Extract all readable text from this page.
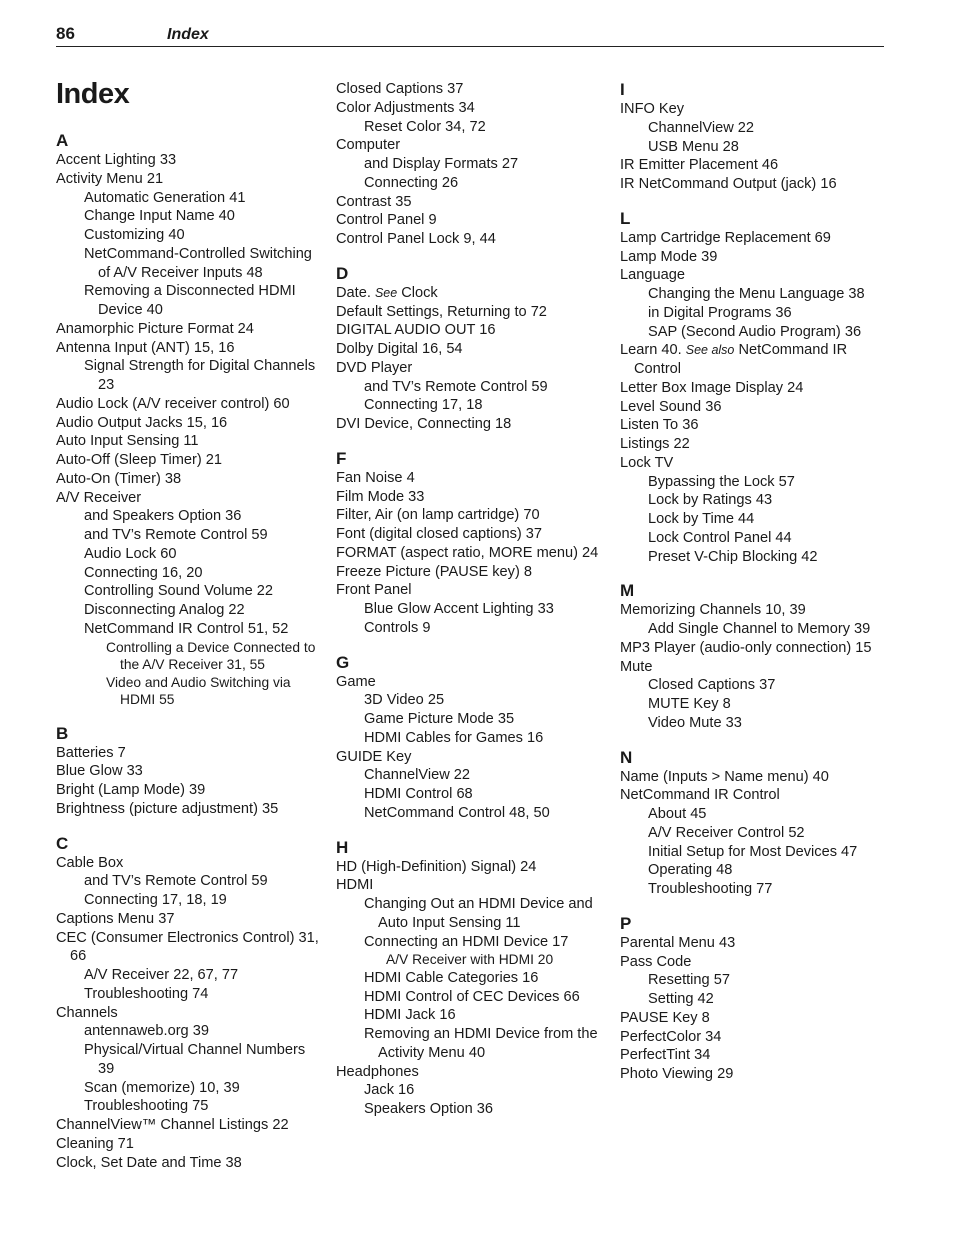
86	Index
Index
A
Accent Lighting 33
Activity Menu 21
Automatic Generation 41
Change Input Name 40
Customizing 40
NetCommand-Controlled Switching of A/V Receiver Inputs 48
Removing a Disconnected HDMI Device 40
Anamorphic Picture Format 24
Antenna Input (ANT) 15, 16
Signal Strength for Digital Channels 23
Audio Lock (A/V receiver control) 60
Audio Output Jacks 15, 16
Auto Input Sensing 11
Auto-Off (Sleep Timer) 21
Auto-On (Timer) 38
A/V Receiver
and Speakers Option 36
and TV’s Remote Control 59
Audio Lock 60
Connecting 16, 20
Controlling Sound Volume 22
Disconnecting Analog 22
NetCommand IR Control 51, 52
Controlling a Device Connected to the A/V Receiver 31, 55
Video and Audio Switching via HDMI 55
B
Batteries 7
Blue Glow 33
Bright (Lamp Mode) 39
Brightness (picture adjustment) 35
C
Cable Box
and TV’s Remote Control 59
Connecting 17, 18, 19
Captions Menu 37
CEC (Consumer Electronics Control) 31, 66
A/V Receiver 22, 67, 77
Troubleshooting 74
Channels
antennaweb.org 39
Physical/Virtual Channel Numbers 39
Scan (memorize) 10, 39
Troubleshooting 75
ChannelView™ Channel Listings 22
Cleaning 71
Clock, Set Date and Time 38
Closed Captions 37
Color Adjustments 34
Reset Color 34, 72
Computer
and Display Formats 27
Connecting 26
Contrast 35
Control Panel 9
Control Panel Lock 9, 44
D
Date. See Clock
Default Settings, Returning to 72
DIGITAL AUDIO OUT 16
Dolby Digital 16, 54
DVD Player
and TV’s Remote Control 59
Connecting 17, 18
DVI Device, Connecting 18
F
Fan Noise 4
Film Mode 33
Filter, Air (on lamp cartridge) 70
Font (digital closed captions) 37
FORMAT (aspect ratio, MORE menu) 24
Freeze Picture (PAUSE key) 8
Front Panel
Blue Glow Accent Lighting 33
Controls 9
G
Game
3D Video 25
Game Picture Mode 35
HDMI Cables for Games 16
GUIDE Key
ChannelView 22
HDMI Control 68
NetCommand Control 48, 50
H
HD (High-Definition) Signal) 24
HDMI
Changing Out an HDMI Device and Auto Input Sensing 11
Connecting an HDMI Device 17
A/V Receiver with HDMI 20
HDMI Cable Categories 16
HDMI Control of CEC Devices 66
HDMI Jack 16
Removing an HDMI Device from the Activity Menu 40
Headphones
Jack 16
Speakers Option 36
I
INFO Key
ChannelView 22
USB Menu 28
IR Emitter Placement 46
IR NetCommand Output (jack) 16
L
Lamp Cartridge Replacement 69
Lamp Mode 39
Language
Changing the Menu Language 38
in Digital Programs 36
SAP (Second Audio Program) 36
Learn 40. See also NetCommand IR Control
Letter Box Image Display 24
Level Sound 36
Listen To 36
Listings 22
Lock TV
Bypassing the Lock 57
Lock by Ratings 43
Lock by Time 44
Lock Control Panel 44
Preset V-Chip Blocking 42
M
Memorizing Channels 10, 39
Add Single Channel to Memory 39
MP3 Player (audio-only connection) 15
Mute
Closed Captions 37
MUTE Key 8
Video Mute 33
N
Name (Inputs > Name menu) 40
NetCommand IR Control
About 45
A/V Receiver Control 52
Initial Setup for Most Devices 47
Operating 48
Troubleshooting 77
P
Parental Menu 43
Pass Code
Resetting 57
Setting 42
PAUSE Key 8
PerfectColor 34
PerfectTint 34
Photo Viewing 29
